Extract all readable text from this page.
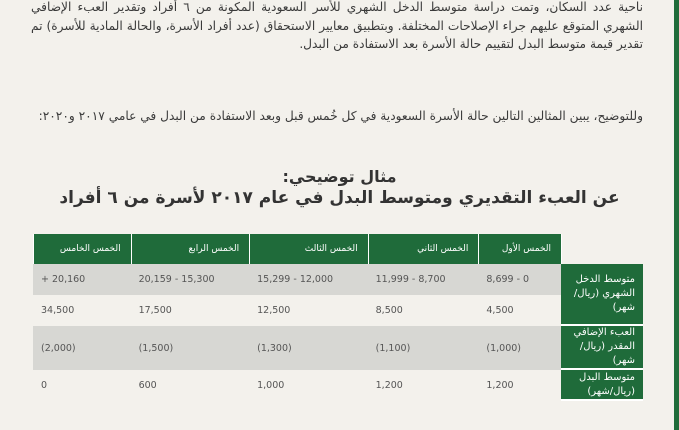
ناحية عدد السكان، وتمت دراسة متوسط الدخل الشهري للأسر السعودية المكونة من ٦ أفراد وتقدير العبء الإضافي الشهري المتوقع عليهم جراء الإصلاحات المختلفة. وبتطبيق معايير الاستحقاق (عدد أفراد الأسرة، والحالة المادية للأسرة) تم تقدير قيمة متوسط البدل لتقييم حالة الأسرة بعد الاستفادة من البدل.

وللتوضيح، يبين المثالين التالين حالة الأسرة السعودية في كل خُمس قبل وبعد الاستفادة من البدل في عامي ٢٠١٧ و٢٠٢٠:

مثال توضيحي:
عن العبء التقديري ومتوسط البدل في عام ٢٠١٧ لأسرة من ٦ أفراد
	الخمس الأول	الخمس الثاني	الخمس الثالث	الخمس الرابع	الخمس الخامس
متوسط الدخل الشهري (ريال/ شهر)	0 - 8,699	8,700 - 11,999	12,000 - 15,299	15,300 - 20,159	20,160 +
	4,500	8,500	12,500	17,500	34,500
العبء الإضافي المقدر (ريال/شهر)	(1,000)	(1,100)	(1,300)	(1,500)	(2,000)
متوسط البدل (ريال/شهر)	1,200	1,200	1,000	600	0
